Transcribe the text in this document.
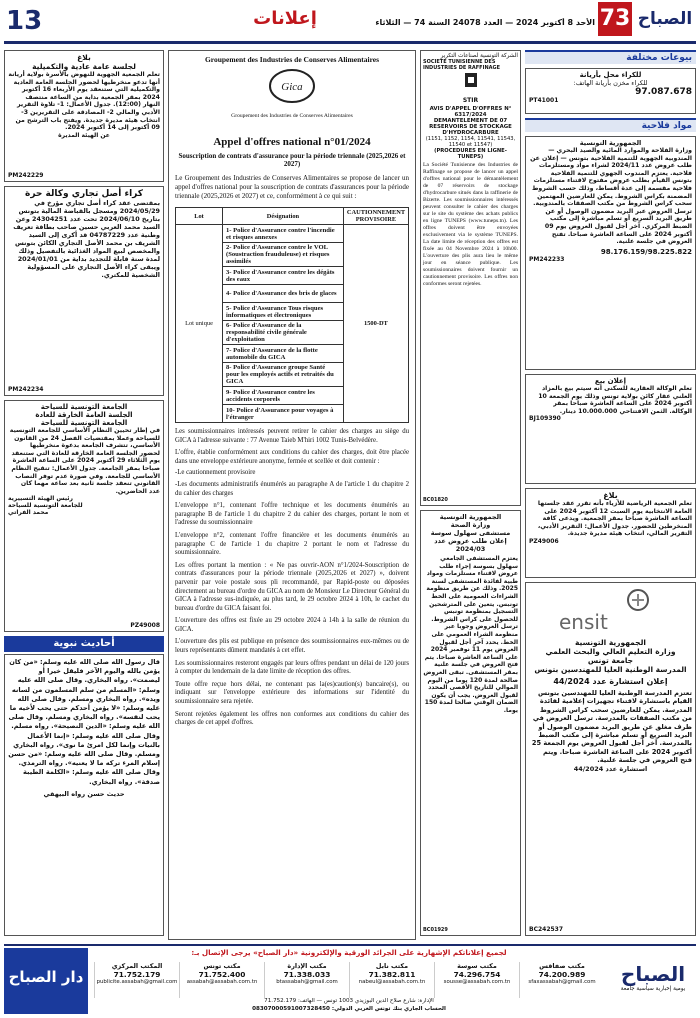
13	إعلانات	الأحد 8 أكتوبر 2024 — العدد 24078 السنة 74 — الثلاثاء 73 الصباح
بيوعات مختلفة
للكراء محل بأريانة
للكراء مخزن بأريانة الهاتف:
97.087.678
PT41001
مواد فلاحية
الجمهورية التونسية
وزارة الفلاحة والموارد المائية والصيد البحري — المندوبية الجهوية للتنمية الفلاحية بتونس — إعلان عن طلب عروض عدد 2024/11 لشراء مواد ومستلزمات فلاحية. يعتزم المندوب الجهوي للتنمية الفلاحية بتونس القيام بطلب عروض مفتوح لاقتناء مستلزمات فلاحية مقسمة إلى عدة أقساط، وذلك حسب الشروط المضمنة بكراس الشروط. يمكن للعارضين المهتمين سحب كراس الشروط من مكتب الصفقات بالمندوبية. ترسل العروض عبر البريد مضمون الوصول أو عن طريق البريد السريع أو تسلم مباشرة إلى مكتب الضبط المركزي. آخر أجل لقبول العروض يوم 09 أكتوبر 2024 على الساعة العاشرة صباحا. تفتح العروض في جلسة علنية.
98.176.159/98.225.822
PM242233
إعلان بيع
تعلم الوكالة العقارية للسكنى أنه سيتم بيع بالمزاد العلني عقار كائن بولاية تونس وذلك يوم الجمعة 10 أكتوبر 2024 على الساعة العاشرة صباحا بمقر الوكالة. الثمن الافتتاحي 10.000.000 دينار.
BJ109390
بلاغ
تعلم الجمعية الرياضية للأزياء بأنه تقرر عقد جلستها العامة الانتخابية يوم السبت 12 أكتوبر 2024 على الساعة العاشرة صباحا بمقر الجمعية. ويدعى كافة المنخرطين للحضور. جدول الأعمال: التقرير الأدبي، التقرير المالي، انتخاب هيئة مديرة جديدة.
PZ49006
ensit
الجمهورية التونسية
وزارة التعليم العالي والبحث العلمي
جامعة تونس
المدرسة الوطنية العليا للمهندسين بتونس
إعلان استشارة عدد 44/2024
تعتزم المدرسة الوطنية العليا للمهندسين بتونس القيام باستشارة لاقتناء تجهيزات إعلامية لفائدة المدرسة. يمكن للعارضين سحب كراس الشروط من مكتب الصفقات بالمدرسة. ترسل العروض في ظرف مغلق عن طريق البريد مضمون الوصول أو البريد السريع أو تسلم مباشرة إلى مكتب الضبط بالمدرسة. آخر أجل لقبول العروض يوم الجمعة 25 أكتوبر 2024 على الساعة العاشرة صباحا. ويتم فتح العروض في جلسة علنية.
استشارة عدد 44/2024
BC242537
الشركة التونسية لصناعات التكرير
SOCIETE TUNISIENNE DES INDUSTRIES DE RAFFINAGE
STIR
AVIS D'APPEL D'OFFRES N° 6317/2024
DEMANTELEMENT DE 07 RESERVOIRS DE STOCKAGE D'HYDROCARBURE
(1151, 1152, 1154, 11541, 11543, 11540 et 11547)
(PROCEDURES EN LIGNE- TUNEPS)
La Société Tunisienne des Industries de Raffinage se propose de lancer un appel d'offres national pour le démantèlement de 07 réservoirs de stockage d'hydrocarbure situés dans la raffinerie de Bizerte. Les soumissionnaires intéressés peuvent consulter le cahier des charges sur le site du système des achats publics en ligne TUNEPS (www.tuneps.tn). Les offres doivent être envoyées exclusivement via le système TUNEPS. La date limite de réception des offres est fixée au 04 Novembre 2024 à 10h00. L'ouverture des plis aura lieu le même jour en séance publique. Les soumissionnaires doivent fournir un cautionnement provisoire. Les offres non conformes seront rejetées.
BC01820
الجمهورية التونسية
وزارة الصحة
مستشفى سهلول سوسة
إعلان طلب عروض عدد 2024/03
يعتزم المستشفى الجامعي سهلول بسوسة إجراء طلب عروض لاقتناء مستلزمات ومواد طبية لفائدة المستشفى لسنة 2025. وذلك عن طريق منظومة الشراءات العمومية على الخط تونبس. يتعين على المترشحين التسجيل بمنظومة تونبس للحصول على كراس الشروط. ترسل العروض وجوبا عبر منظومة الشراء العمومي على الخط. يحدد آخر أجل لقبول العروض يوم 11 نوفمبر 2024 على الساعة العاشرة صباحا. يتم فتح العروض في جلسة علنية بمقر المستشفى. تبقى العروض صالحة لمدة 120 يوما من اليوم الموالي للتاريخ الأقصى المحدد لقبول العروض. يجب أن يكون الضمان الوقتي صالحا لمدة 150 يوما.
BC01929
Groupement des Industries de Conserves Alimentaires
Gica
Groupement des Industries de Conserves Alimentaires
Appel d'offres national n°01/2024
Souscription de contrats d'assurance pour la période triennale (2025,2026 et 2027)
Le Groupement des Industries de Conserves Alimentaires se propose de lancer un appel d'offres national pour la souscription de contrats d'assurances pour la période triennale (2025,2026 et 2027) et ce, conformément à ce qui suit :
Lot	Désignation	CAUTIONNEMENT PROVISOIRE
Lot unique	1- Police d'Assurance contre l'incendie et risques annexes	1500-DT
	2- Police d'Assurance contre le VOL (Soustraction frauduleuse) et risques assimilés	
	3- Police d'Assurance contre les dégâts des eaux	
	4- Police d'Assurance des bris de glaces	
	5- Police d'Assurance Tous risques informatiques et électroniques	
	6- Police d'Assurance de la responsabilité civile générale d'exploitation	
	7- Police d'Assurance de la flotte automobile du GICA	
	8- Police d'Assurance groupe Santé pour les employés actifs et retraités du GICA	
	9- Police d'Assurance contre les accidents corporels	
	10- Police d'Assurance pour voyages à l'étranger	
Les soumissionnaires intéressés peuvent retirer le cahier des charges au siège du GICA à l'adresse suivante : 77 Avenue Taieb M'hiri 1002 Tunis-Belvédère.
L'offre, établie conformément aux conditions du cahier des charges, doit être placée dans une enveloppe extérieure anonyme, fermée et scellée et doit contenir :
-Le cautionnement provisoire
-Les documents administratifs énumérés au paragraphe A de l'article 1 du chapitre 2 du cahier des charges
L'enveloppe n°1, contenant l'offre technique et les documents énumérés au paragraphe B de l'article 1 du chapitre 2 du cahier des charges, portant le nom et l'adresse du soumissionnaire
L'enveloppe n°2, contenant l'offre financière et les documents énumérés au paragraphe C de l'article 1 du chapitre 2 portant le nom et l'adresse du soumissionnaire.
Les offres portant la mention : « Ne pas ouvrir-AON n°1/2024-Souscription de contrats d'assurances pour la période triennale (2025,2026 et 2027) », doivent parvenir par voie postale sous pli recommandé, par Rapid-poste ou déposées directement au bureau d'ordre du GICA au nom de Monsieur Le Directeur Général du GICA à l'adresse sus-indiquée, au plus tard, le 29 octobre 2024 à 10h, le cachet du bureau d'ordre du GICA faisant foi.
L'ouverture des offres est fixée au 29 octobre 2024 à 14h à la salle de réunion du GICA.
L'ouverture des plis est publique en présence des soumissionnaires eux-mêmes ou de leurs représentants dûment mandatés à cet effet.
Les soumissionnaires resteront engagés par leurs offres pendant un délai de 120 jours à compter du lendemain de la date limite de réception des offres.
Toute offre reçue hors délai, ne contenant pas la(es)caution(s) bancaire(s), ou indiquant sur l'enveloppe extérieure des informations sur l'identité du soumissionnaire sera rejetée.
Seront rejetées également les offres non conformes aux conditions du cahier des charges de cet appel d'offres.
بلاغ
لجلسة عامة عادية والتكميلية
تعلم الجمعية الجهوية للنهوض بالأسرة بولاية أريانة أنها تدعو منخرطيها لحضور الجلسة العامة العادية والتكميلية التي ستنعقد يوم الأربعاء 16 أكتوبر 2024 بمقر الجمعية بداية من الساعة منتصف النهار (12:00). جدول الأعمال: 1- تلاوة التقرير الأدبي والمالي 2- المصادقة على التقريرين 3- انتخاب هيئة مديرة جديدة. ويفتح باب الترشح من 09 أكتوبر إلى 14 أكتوبر 2024.
عن الهيئة المديرة
PM242229
كراء أصل تجاري وكالة حرة
بمقتضى عقد كراء أصل تجاري مؤرخ في 2024/05/29 ومسجل بالقباضة المالية بتونس بتاريخ 2024/06/10 تحت عدد 24304251 وعن السيد محمد العربي حسين صاحب بطاقة تعريف وطنية عدد 04787229 قد أكرى إلى السيد الشريف بن محمد الأصل التجاري الكائن بتونس والمخصص لبيع المواد الغذائية بالتفصيل وذلك لمدة سنة قابلة للتجديد بداية من 2024/01/01 ويبقى كراء الأصل التجاري على المسؤولية الشخصية للمكتري.
PM242234
الجامعة التونسية للسياحة
الجلسة العامة الخارقة للعادة
الجامعة التونسية للسياحة
في إطار تحيين النظام الأساسي للجامعة التونسية للسياحة وعملا بمقتضيات الفصل 24 من القانون الأساسي، تتشرف الجامعة بدعوة منخرطيها لحضور الجلسة العامة الخارقة للعادة التي ستنعقد يوم الثلاثاء 29 أكتوبر 2024 على الساعة العاشرة صباحا بمقر الجامعة. جدول الأعمال: تنقيح النظام الأساسي للجامعة. وفي صورة عدم توفر النصاب القانوني تنعقد جلسة ثانية بعد ساعة مهما كان عدد الحاضرين.
رئيس الهيئة التسييرية
للجامعة التونسية للسياحة
محمد الفراتي
PZ49008
أحاديث نبوية
قال رسول الله صلى الله عليه وسلم: «من كان يؤمن بالله واليوم الآخر فليقل خيرا أو ليصمت». رواه البخاري. وقال صلى الله عليه وسلم: «المسلم من سلم المسلمون من لسانه ويده». رواه البخاري ومسلم. وقال صلى الله عليه وسلم: «لا يؤمن أحدكم حتى يحب لأخيه ما يحب لنفسه». رواه البخاري ومسلم. وقال صلى الله عليه وسلم: «الدين النصيحة». رواه مسلم. وقال صلى الله عليه وسلم: «إنما الأعمال بالنيات وإنما لكل امرئ ما نوى». رواه البخاري ومسلم. وقال صلى الله عليه وسلم: «من حسن إسلام المرء تركه ما لا يعنيه». رواه الترمذي. وقال صلى الله عليه وسلم: «الكلمة الطيبة صدقة». رواه البخاري.
حديث حسن رواه البيهقي
دار الصباح
لجميع إعلاناتكم الإشهارية على الجرائد الورقية والإلكترونية «دار الصباح» يرجى الإتصال بـ:
مكتب صفاقس
74.200.989
sfaxassabah@gmail.com
مكتب سوسة
74.296.754
sousse@assabah.com.tn
مكتب نابل
71.382.811
nabeul@assabah.com.tn
مكتب الإدارة
71.338.033
btassabah@gmail.com
مكتب تونس
71.752.400
assabah@assabah.com.tn
المكتب المركزي
71.752.179
publicite.assabah@gmail.com
الإدارة: شارع صلاح الدين البوزيدي 1003 تونس — الهاتف: 71.752.179
الحساب الجاري بنك تونس العربي الدولي: 08307000591007328450
الصباح
يومية إخبارية سياسية جامعة
